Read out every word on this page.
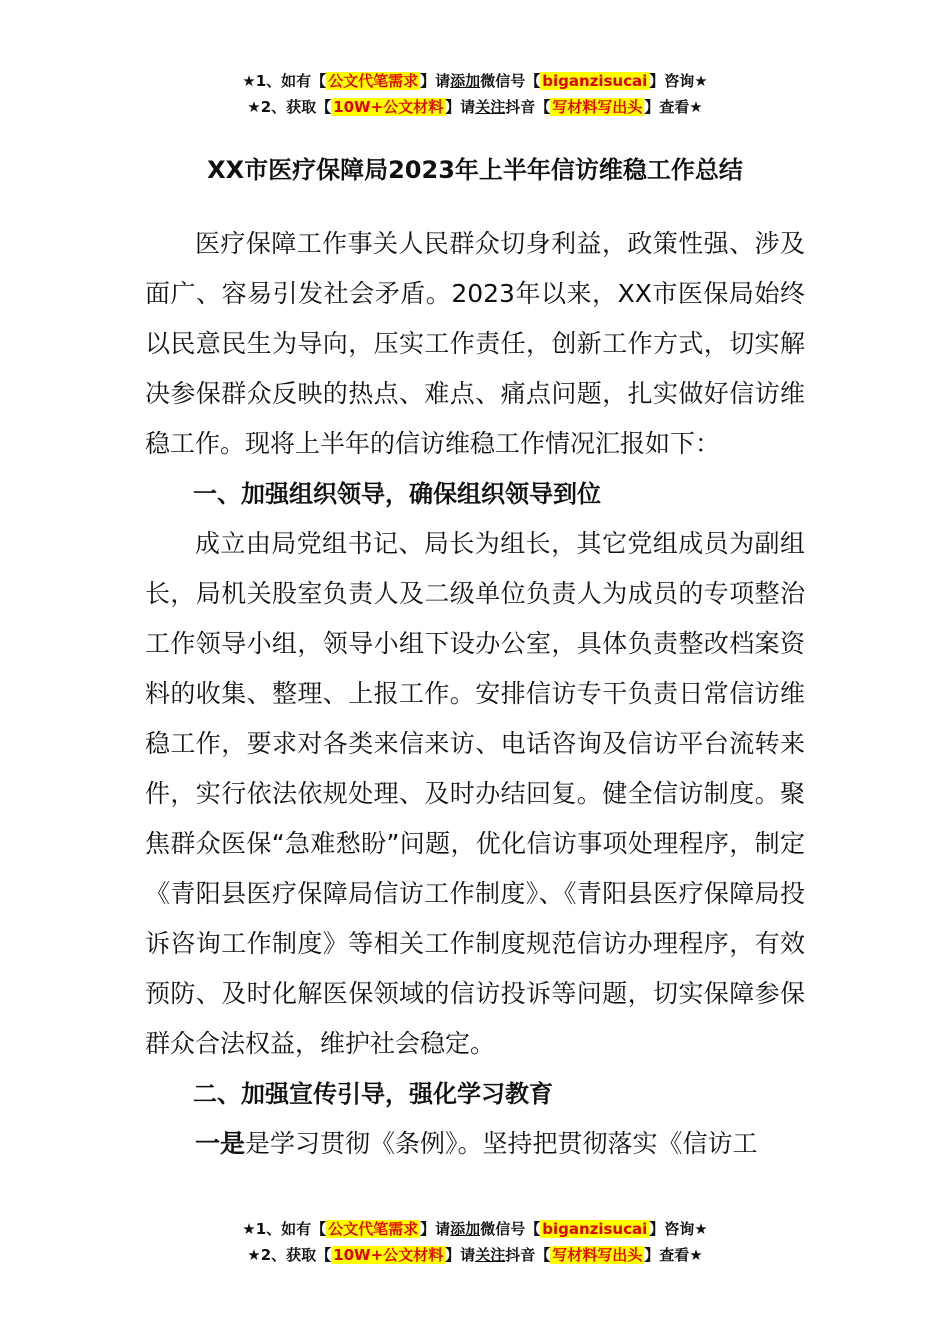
★1、如有【 公文代笔需求 】请添加微信号【 biganzisucai 】咨询★
★2、获取【 10W+公文材料 】请关注抖音【 写材料写出头 】查看★
XX市医疗保障局2023年上半年信访维稳工作总结

医疗保障工作事关人民群众切身利益，政策性强、涉及面广、容易引发社会矛盾。2023年以来，XX市医保局始终以民意民生为导向，压实工作责任，创新工作方式，切实解决参保群众反映的热点、难点、痛点问题，扎实做好信访维稳工作。现将上半年的信访维稳工作情况汇报如下：

一、加强组织领导，确保组织领导到位

成立由局党组书记、局长为组长，其它党组成员为副组长，局机关股室负责人及二级单位负责人为成员的专项整治工作领导小组，领导小组下设办公室，具体负责整改档案资料的收集、整理、上报工作。安排信访专干负责日常信访维稳工作，要求对各类来信来访、电话咨询及信访平台流转来件，实行依法依规处理、及时办结回复。健全信访制度。聚焦群众医保“急难愁盼”问题，优化信访事项处理程序，制定《青阳县医疗保障局信访工作制度》、《青阳县医疗保障局投诉咨询工作制度》等相关工作制度规范信访办理程序，有效预防、及时化解医保领域的信访投诉等问题，切实保障参保群众合法权益，维护社会稳定。

二、加强宣传引导，强化学习教育

一是是学习贯彻《条例》。坚持把贯彻落实《信访工

★1、如有【 公文代笔需求 】请添加微信号【 biganzisucai 】咨询★
★2、获取【 10W+公文材料 】请关注抖音【 写材料写出头 】查看★
